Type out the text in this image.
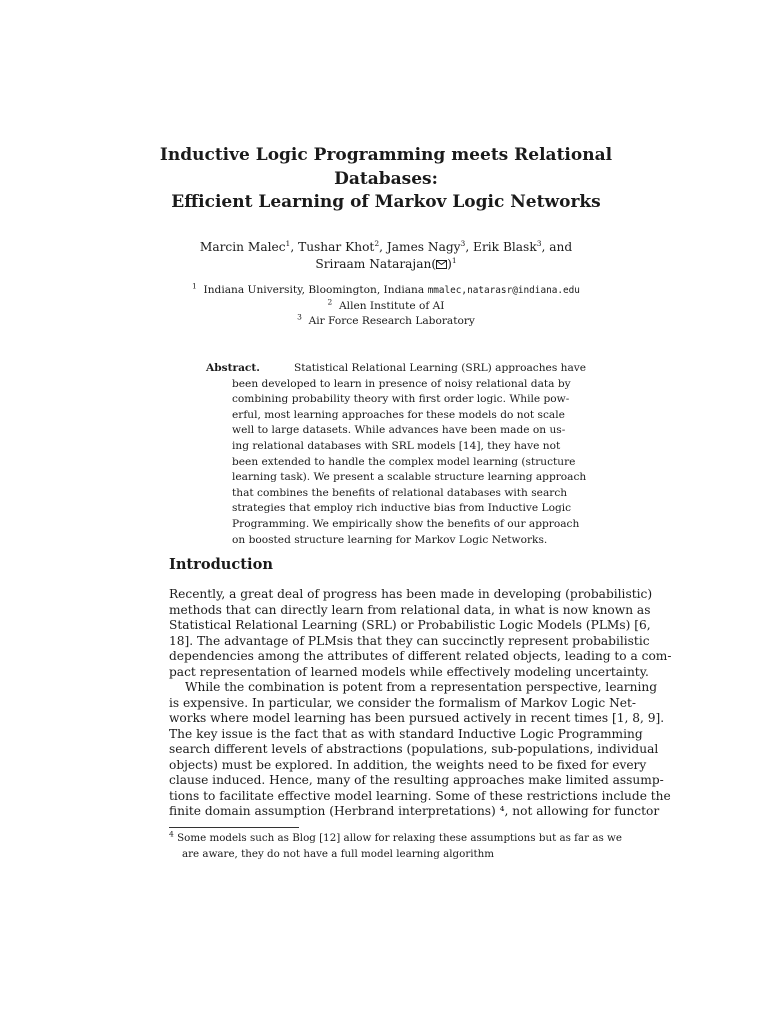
Inductive Logic Programming meets Relational
Databases:
Efficient Learning of Markov Logic Networks
Marcin Malec$^1$, Tushar Khot$^2$, James Nagy$^3$, Erik Blask$^3$, and
Sriraam Natarajan( )$^1$
$^1$ Indiana University, Bloomington, Indiana mmalec,natarasr@indiana.edu
$^2$ Allen Institute of AI
$^3$ Air Force Research Laboratory
Abstract.	Statistical Relational Learning (SRL) approaches have
been developed to learn in presence of noisy relational data by
combining probability theory with first order logic. While pow-
erful, most learning approaches for these models do not scale
well to large datasets. While advances have been made on us-
ing relational databases with SRL models [14], they have not
been extended to handle the complex model learning (structure
learning task). We present a scalable structure learning approach
that combines the benefits of relational databases with search
strategies that employ rich inductive bias from Inductive Logic
Programming. We empirically show the benefits of our approach
on boosted structure learning for Markov Logic Networks.
Introduction
Recently, a great deal of progress has been made in developing (probabilistic)
methods that can directly learn from relational data, in what is now known as
Statistical Relational Learning (SRL) or Probabilistic Logic Models (PLMs) [6,
18]. The advantage of PLMsis that they can succinctly represent probabilistic
dependencies among the attributes of different related objects, leading to a com-
pact representation of learned models while effectively modeling uncertainty.
While the combination is potent from a representation perspective, learning
is expensive. In particular, we consider the formalism of Markov Logic Net-
works where model learning has been pursued actively in recent times [1, 8, 9].
The key issue is the fact that as with standard Inductive Logic Programming
search different levels of abstractions (populations, sub-populations, individual
objects) must be explored. In addition, the weights need to be fixed for every
clause induced. Hence, many of the resulting approaches make limited assump-
tions to facilitate effective model learning. Some of these restrictions include the
finite domain assumption (Herbrand interpretations) ⁴, not allowing for functor
$^4$ Some models such as Blog [12] allow for relaxing these assumptions but as far as we
are aware, they do not have a full model learning algorithm
